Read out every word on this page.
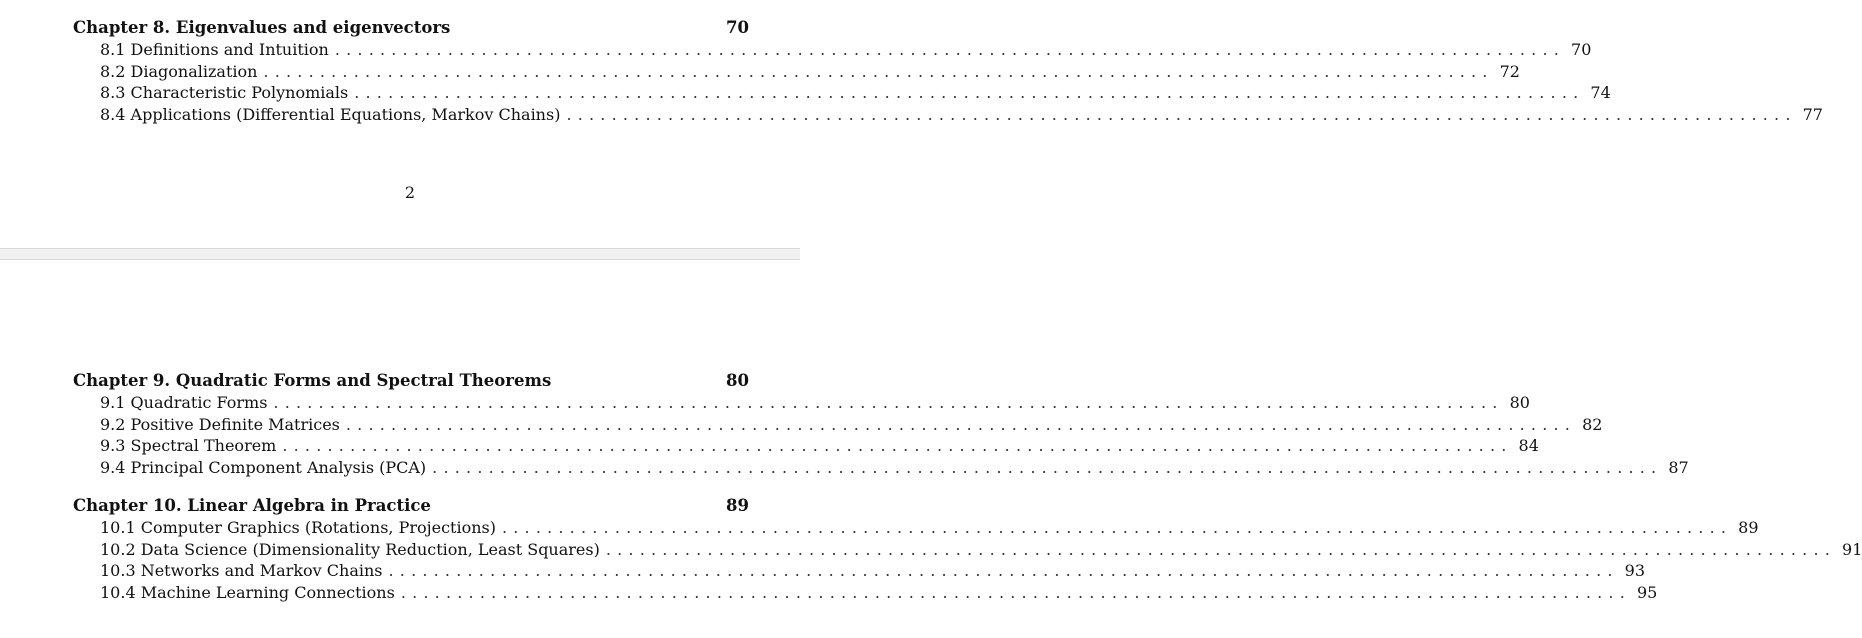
Chapter 8. Eigenvalues and eigenvectors	70
8.1 Definitions and Intuition ............................................................................................................. 70
8.2 Diagonalization ............................................................................................................. 72
8.3 Characteristic Polynomials ............................................................................................................. 74
8.4 Applications (Differential Equations, Markov Chains) ............................................................................................................. 77
2
Chapter 9. Quadratic Forms and Spectral Theorems	80
9.1 Quadratic Forms ............................................................................................................. 80
9.2 Positive Definite Matrices ............................................................................................................. 82
9.3 Spectral Theorem ............................................................................................................. 84
9.4 Principal Component Analysis (PCA) ............................................................................................................. 87
Chapter 10. Linear Algebra in Practice	89
10.1 Computer Graphics (Rotations, Projections) ............................................................................................................. 89
10.2 Data Science (Dimensionality Reduction, Least Squares) ............................................................................................................. 91
10.3 Networks and Markov Chains ............................................................................................................. 93
10.4 Machine Learning Connections ............................................................................................................. 95
